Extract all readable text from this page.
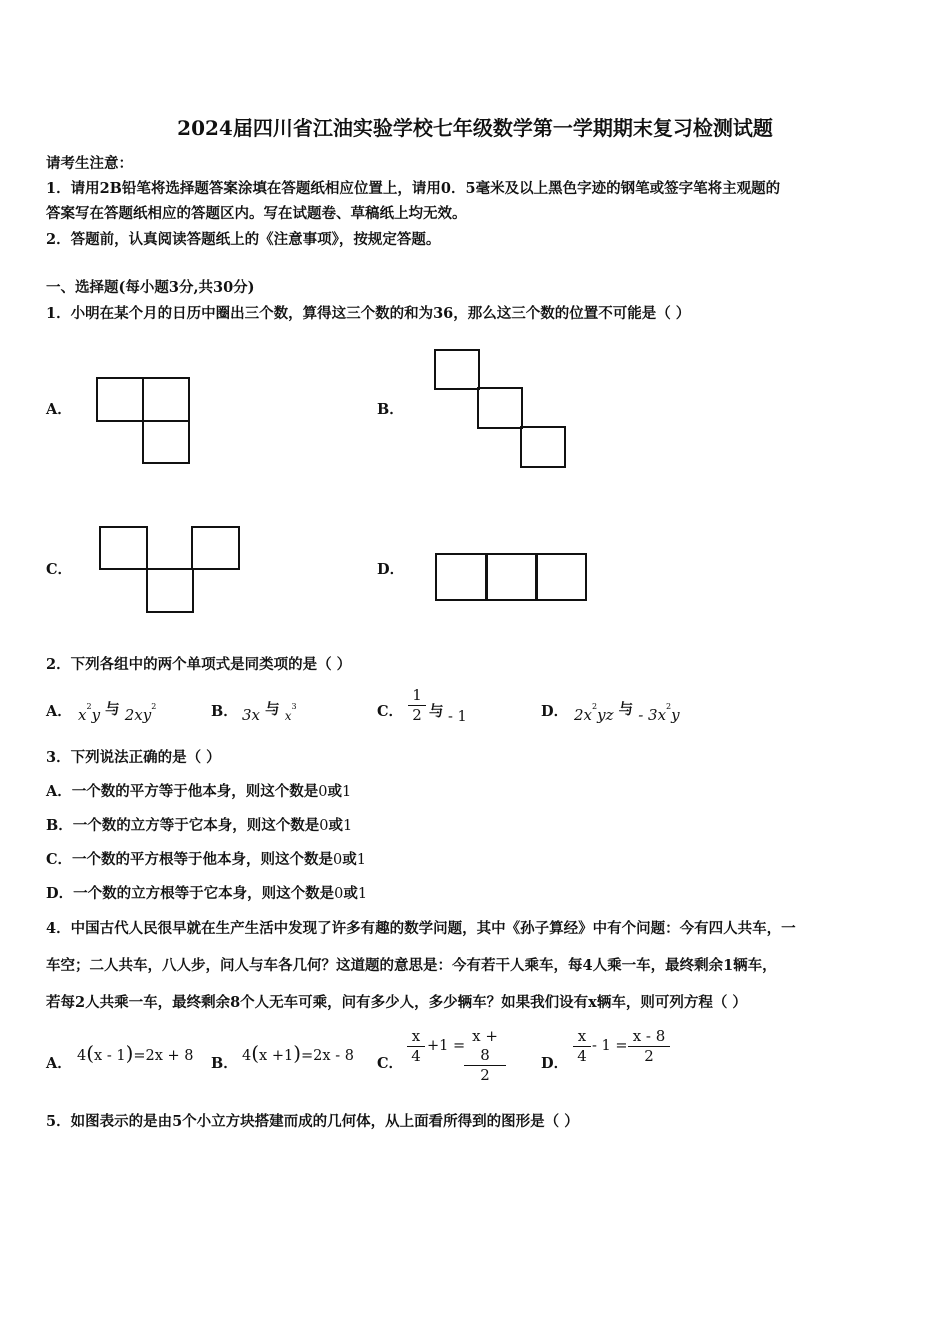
2024届四川省江油实验学校七年级数学第一学期期末复习检测试题
请考生注意：
1．请用2B铅笔将选择题答案涂填在答题纸相应位置上，请用0．5毫米及以上黑色字迹的钢笔或签字笔将主观题的
答案写在答题纸相应的答题区内。写在试题卷、草稿纸上均无效。
2．答题前，认真阅读答题纸上的《注意事项》，按规定答题。
一、选择题(每小题3分,共30分)
1．小明在某个月的日历中圈出三个数，算得这三个数的和为36，那么这三个数的位置不可能是（ ）
A．	B．
C．	D．
2．下列各组中的两个单项式是同类项的是（ ）
A． $x^2y$ 与 $2xy^2$	B． 3x 与 $x^3$	C． $\frac{1}{2}$ 与 - 1	D． $2x^2yz$ 与 - $3x^2y$
3．下列说法正确的是（ ）
A．一个数的平方等于他本身，则这个数是0或1
B．一个数的立方等于它本身，则这个数是0或1
C．一个数的平方根等于他本身，则这个数是0或1
D．一个数的立方根等于它本身，则这个数是0或1
4．中国古代人民很早就在生产生活中发现了许多有趣的数学问题，其中《孙子算经》中有个问题：今有四人共车，一
车空；二人共车，八人步，问人与车各几何？这道题的意思是：今有若干人乘车，每4人乘一车，最终剩余1辆车，
若每2人共乘一车，最终剩余8个人无车可乘，问有多少人，多少辆车？如果我们设有x辆车，则可列方程（ ）
A． 4(x - 1)=2x + 8 B． 4(x +1)=2x - 8 C． $\frac{x}{4} +1$ =
$\frac{x + 8}{2}$ D． $\frac{x}{4} - 1 = \frac{x - 8}{2}$
5．如图表示的是由5个小立方块搭建而成的几何体，从上面看所得到的图形是（ ）
